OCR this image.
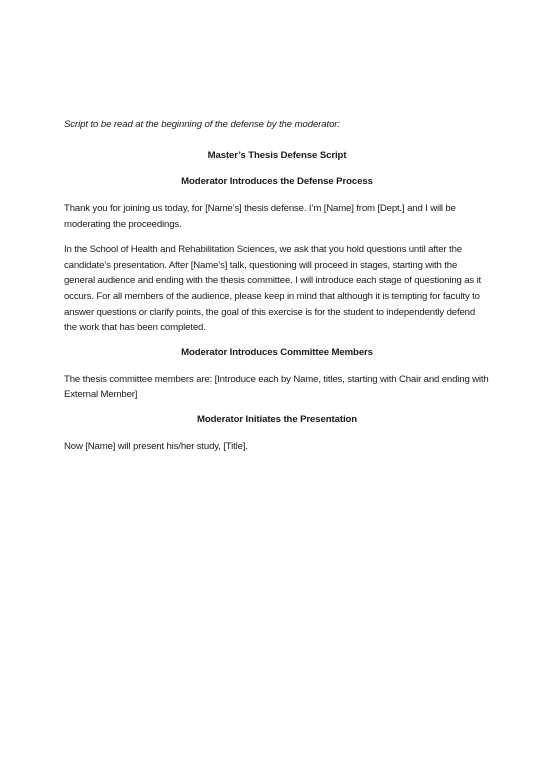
Script to be read at the beginning of the defense by the moderator:

Master’s Thesis Defense Script

Moderator Introduces the Defense Process

Thank you for joining us today, for [Name’s] thesis defense. I’m [Name] from [Dept.] and I will be moderating the proceedings.

In the School of Health and Rehabilitation Sciences, we ask that you hold questions until after the candidate’s presentation. After [Name’s] talk, questioning will proceed in stages, starting with the general audience and ending with the thesis committee. I will introduce each stage of questioning as it occurs. For all members of the audience, please keep in mind that although it is tempting for faculty to answer questions or clarify points, the goal of this exercise is for the student to independently defend the work that has been completed.

Moderator Introduces Committee Members

The thesis committee members are: [Introduce each by Name, titles, starting with Chair and ending with External Member]

Moderator Initiates the Presentation

Now [Name] will present his/her study, [Title].
